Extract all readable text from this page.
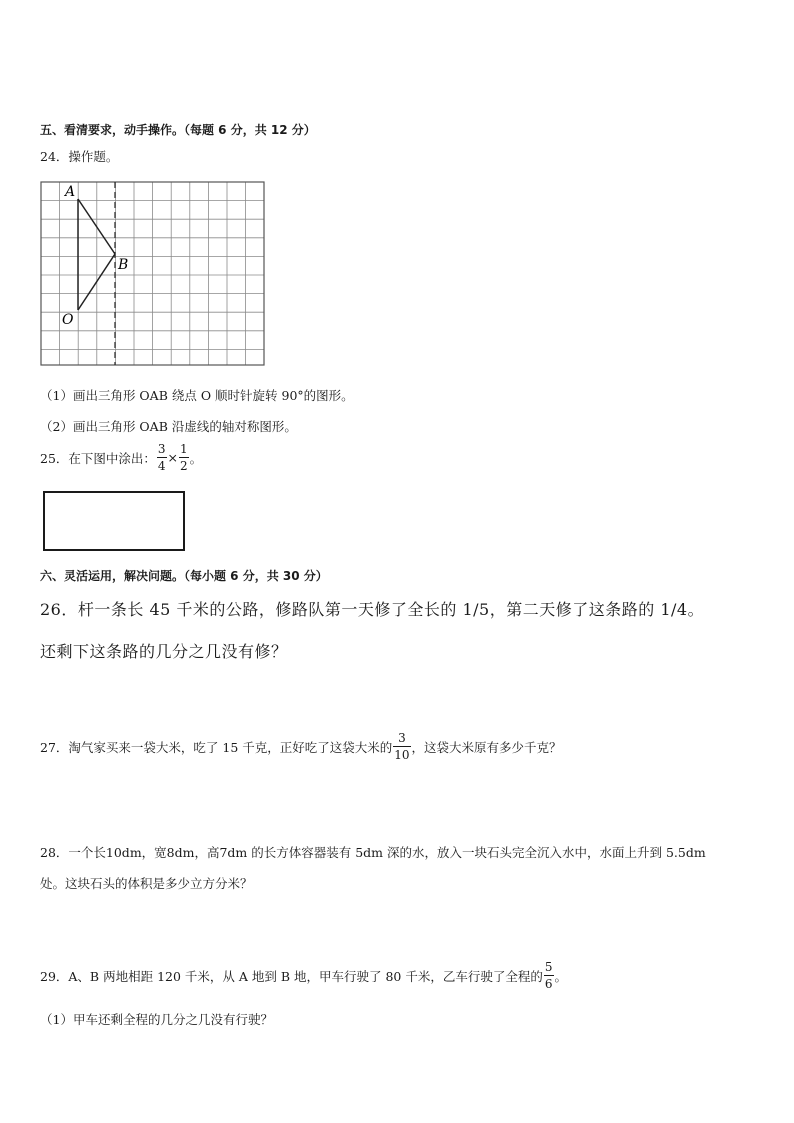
五、看清要求，动手操作。（每题 6 分，共 12 分）
24．操作题。
A
B
O
（1）画出三角形 OAB 绕点 O 顺时针旋转 90°的图形。
（2）画出三角形 OAB 沿虚线的轴对称图形。
25．在下图中涂出： $\frac{3}{4} \times \frac{1}{2}$ 。
六、灵活运用，解决问题。（每小题 6 分，共 30 分）
26．杆一条长 45 千米的公路，修路队第一天修了全长的 1/5，第二天修了这条路的 1/4。
还剩下这条路的几分之几没有修？
27．淘气家买来一袋大米，吃了 15 千克，正好吃了这袋大米的 $\frac{3}{10}$ ，这袋大米原有多少千克？
28．一个长10dm，宽8dm，高7dm 的长方体容器装有 5dm 深的水，放入一块石头完全沉入水中，水面上升到 5.5dm
处。这块石头的体积是多少立方分米？
29．A、B 两地相距 120 千米，从 A 地到 B 地，甲车行驶了 80 千米，乙车行驶了全程的 $\frac{5}{6}$ 。
（1）甲车还剩全程的几分之几没有行驶？
